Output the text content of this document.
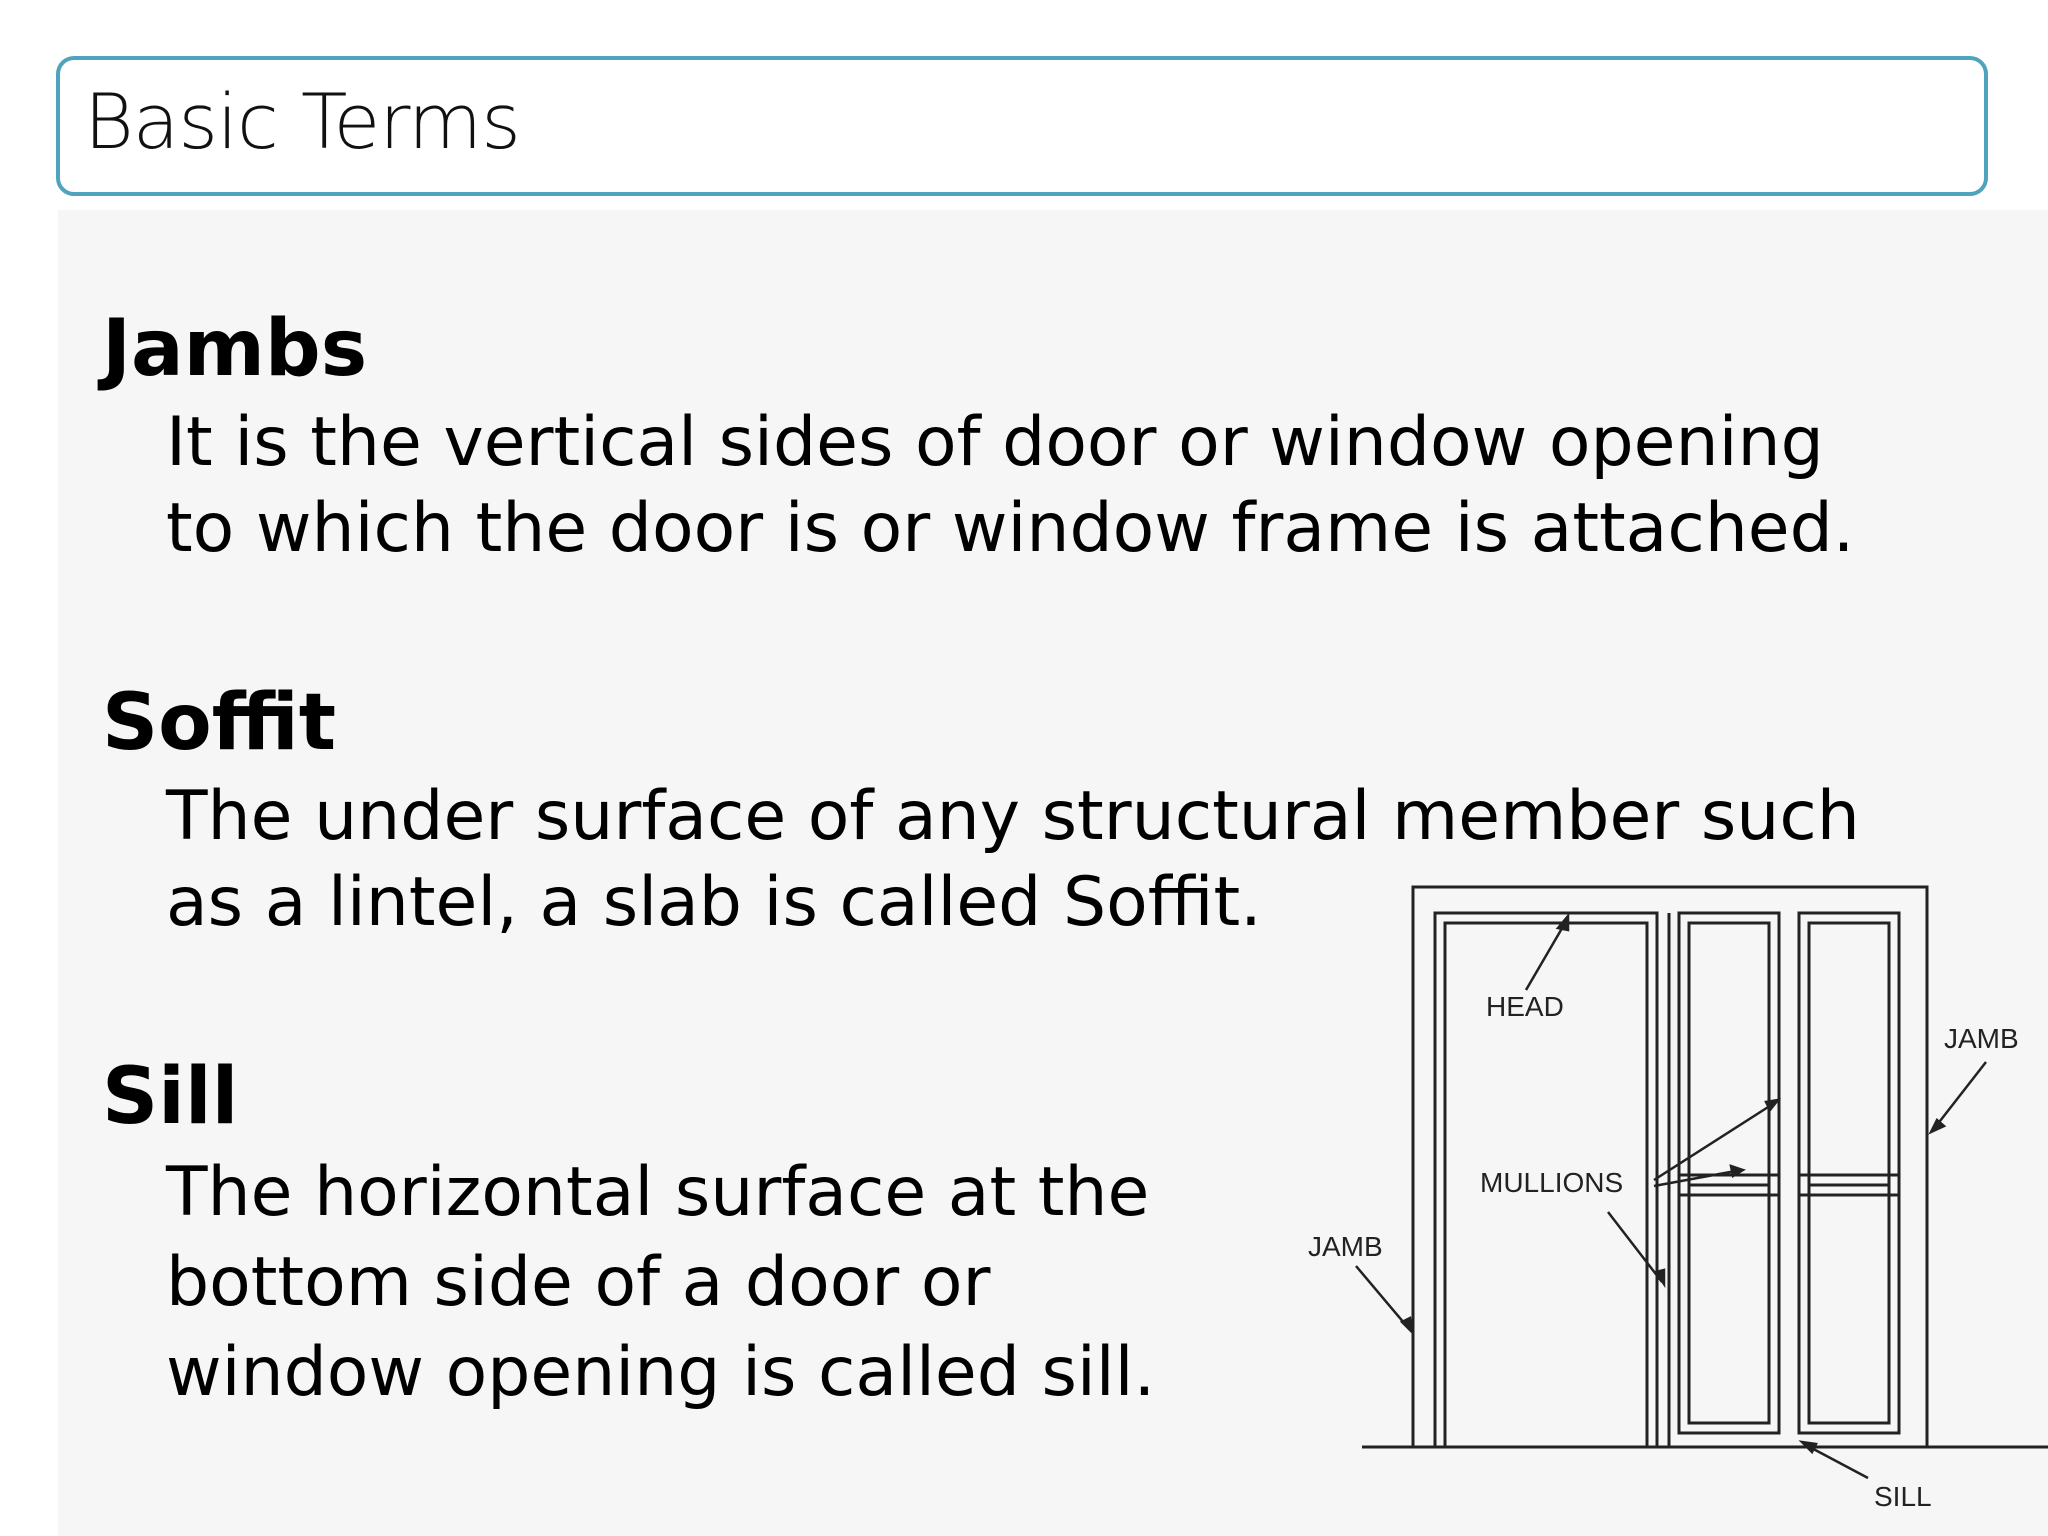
Basic Terms
Jambs
It is the vertical sides of door or window opening
to which the door is or window frame is attached.
Soffit
The under surface of any structural member such
as a lintel, a slab is called Soffit.
Sill
The horizontal surface at the
bottom side of a door or
window opening is called sill.
HEAD
JAMB
MULLIONS
JAMB
SILL
